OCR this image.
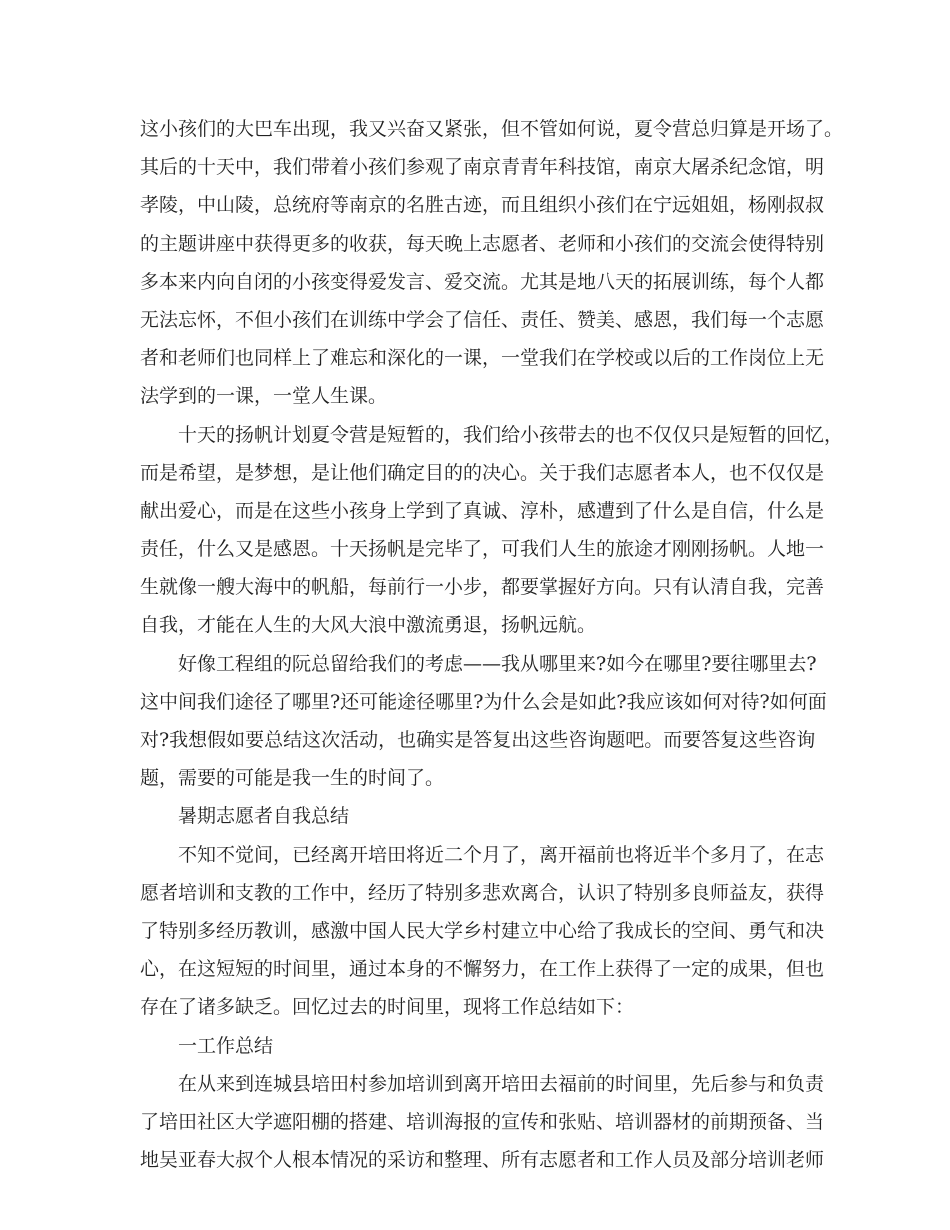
这小孩们的大巴车出现，我又兴奋又紧张，但不管如何说，夏令营总归算是开场了。
其后的十天中，我们带着小孩们参观了南京青青年科技馆，南京大屠杀纪念馆，明
孝陵，中山陵，总统府等南京的名胜古迹，而且组织小孩们在宁远姐姐，杨刚叔叔
的主题讲座中获得更多的收获，每天晚上志愿者、老师和小孩们的交流会使得特别
多本来内向自闭的小孩变得爱发言、爱交流。尤其是地八天的拓展训练，每个人都
无法忘怀，不但小孩们在训练中学会了信任、责任、赞美、感恩，我们每一个志愿
者和老师们也同样上了难忘和深化的一课，一堂我们在学校或以后的工作岗位上无
法学到的一课，一堂人生课。
十天的扬帆计划夏令营是短暂的，我们给小孩带去的也不仅仅只是短暂的回忆，
而是希望，是梦想，是让他们确定目的的决心。关于我们志愿者本人，也不仅仅是
献出爱心，而是在这些小孩身上学到了真诚、淳朴，感遭到了什么是自信，什么是
责任，什么又是感恩。十天扬帆是完毕了，可我们人生的旅途才刚刚扬帆。人地一
生就像一艘大海中的帆船，每前行一小步，都要掌握好方向。只有认清自我，完善
自我，才能在人生的大风大浪中激流勇退，扬帆远航。
好像工程组的阮总留给我们的考虑——我从哪里来?如今在哪里?要往哪里去?
这中间我们途径了哪里?还可能途径哪里?为什么会是如此?我应该如何对待?如何面
对?我想假如要总结这次活动，也确实是答复出这些咨询题吧。而要答复这些咨询
题，需要的可能是我一生的时间了。
暑期志愿者自我总结
不知不觉间，已经离开培田将近二个月了，离开福前也将近半个多月了，在志
愿者培训和支教的工作中，经历了特别多悲欢离合，认识了特别多良师益友，获得
了特别多经历教训，感激中国人民大学乡村建立中心给了我成长的空间、勇气和决
心，在这短短的时间里，通过本身的不懈努力，在工作上获得了一定的成果，但也
存在了诸多缺乏。回忆过去的时间里，现将工作总结如下：
一工作总结
在从来到连城县培田村参加培训到离开培田去福前的时间里，先后参与和负责
了培田社区大学遮阳棚的搭建、培训海报的宣传和张贴、培训器材的前期预备、当
地吴亚春大叔个人根本情况的采访和整理、所有志愿者和工作人员及部分培训老师
